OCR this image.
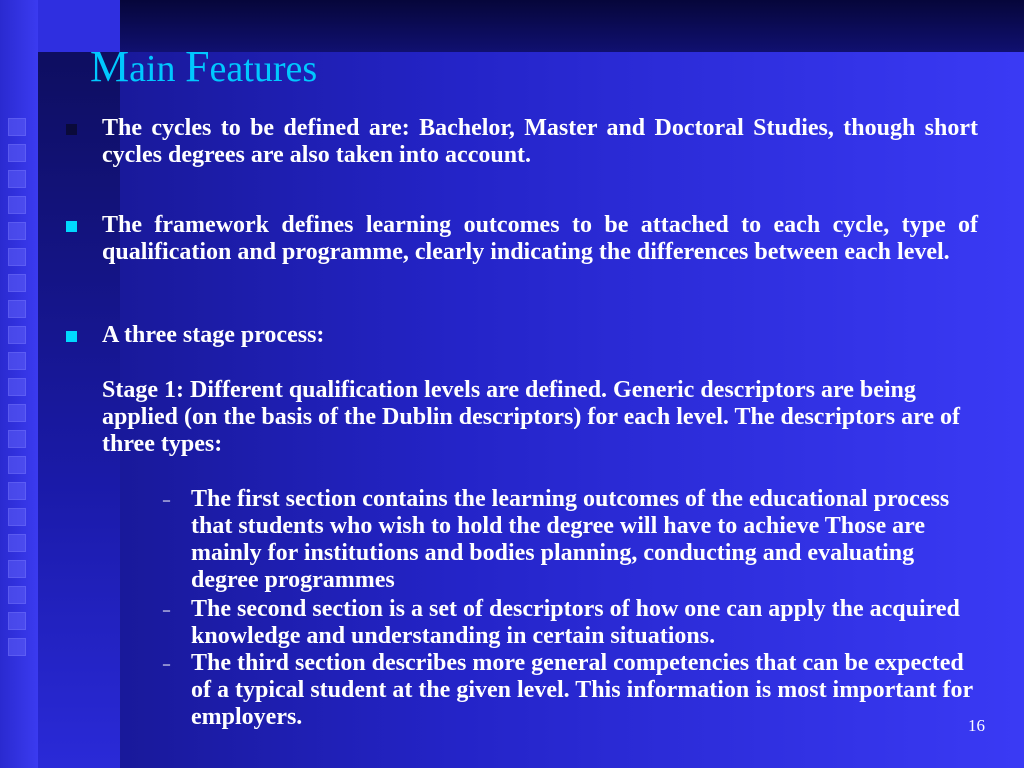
Main Features
The cycles to be defined are: Bachelor, Master and Doctoral Studies, though short cycles degrees are also taken into account.
The framework defines learning outcomes to be attached to each cycle, type of qualification and programme, clearly indicating the differences between each level.
A three stage process:
Stage 1: Different qualification levels are defined. Generic descriptors are being applied (on the basis of the Dublin descriptors) for each level. The descriptors are of three types:
– The first section contains the learning outcomes of the educational process that students who wish to hold the degree will have to achieve Those are mainly for institutions and bodies planning, conducting and evaluating degree programmes
– The second section is a set of descriptors of how one can apply the acquired knowledge and understanding in certain situations.
– The third section describes more general competencies that can be expected of a typical student at the given level. This information is most important for employers.	16
